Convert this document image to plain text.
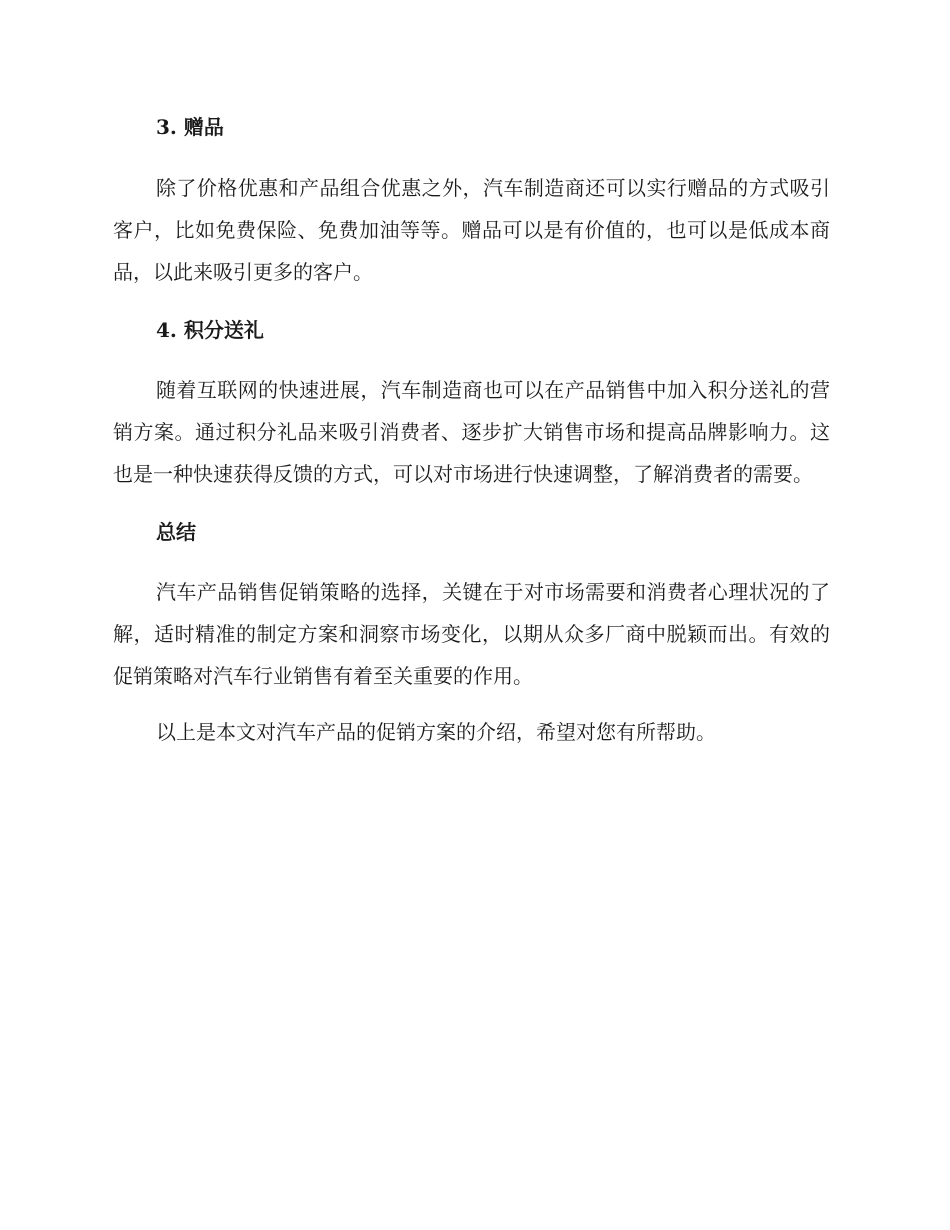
3. 赠品

除了价格优惠和产品组合优惠之外，汽车制造商还可以实行赠品的方式吸引客户，比如免费保险、免费加油等等。赠品可以是有价值的，也可以是低成本商品，以此来吸引更多的客户。

4. 积分送礼

随着互联网的快速进展，汽车制造商也可以在产品销售中加入积分送礼的营销方案。通过积分礼品来吸引消费者、逐步扩大销售市场和提高品牌影响力。这也是一种快速获得反馈的方式，可以对市场进行快速调整，了解消费者的需要。

总结

汽车产品销售促销策略的选择，关键在于对市场需要和消费者心理状况的了解，适时精准的制定方案和洞察市场变化，以期从众多厂商中脱颖而出。有效的促销策略对汽车行业销售有着至关重要的作用。

以上是本文对汽车产品的促销方案的介绍，希望对您有所帮助。
